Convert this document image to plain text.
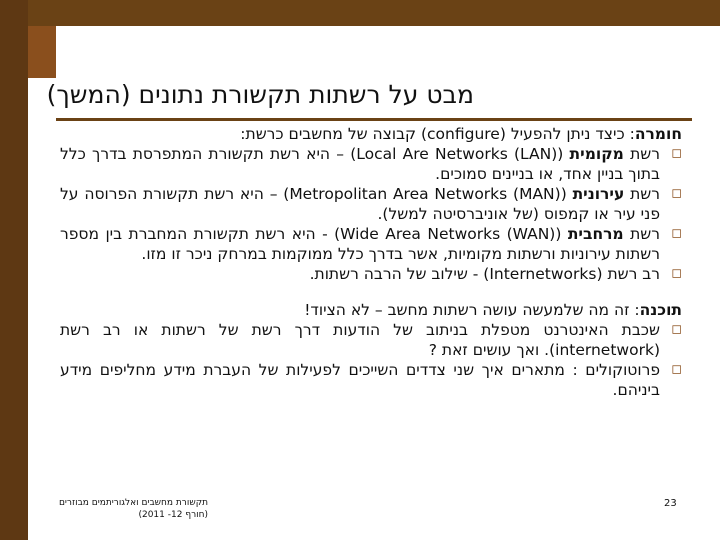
מבט על רשתות תקשורת נתונים (המשך)

חומרה: כיצד ניתן להפעיל (configure) קבוצה של מחשבים כרשת:

◻
רשת מקומית (Local Are Networks (LAN)) – היא רשת תקשורת המתפרסת בדרך כלל בתוך בניין אחד, או בניינים סמוכים.
◻
רשת עירונית (Metropolitan Area Networks (MAN)) – היא רשת תקשורת הפרוסה על פני עיר או קמפוס (של אוניברסיטה למשל).
◻
רשת מרחבית (Wide Area Networks (WAN)) - היא רשת תקשורת המחברת בין מספר רשתות עירוניות ורשתות מקומיות, אשר בדרך כלל ממוקמות במרחק ניכר זו מזו.
◻
רב רשת (Internetworks) - שילוב של הרבה רשתות.

תוכנה: זה מה שלמעשה עושה רשתות מחשב – לא הציוד!

◻
שכבת האינטרנט מטפלת בניתוב של הודעות דרך רשת של רשתות או רב רשת (internetwork). ואך עושים זאת ?
◻
פרוטוקולים : מתארים איך שני צדדים השייכים לפעילות של העברת מידע מחליפים מידע ביניהם.
תקשורת מחשבים ואלגוריתמים מבוזרים
(חורף 12- 2011)
23
